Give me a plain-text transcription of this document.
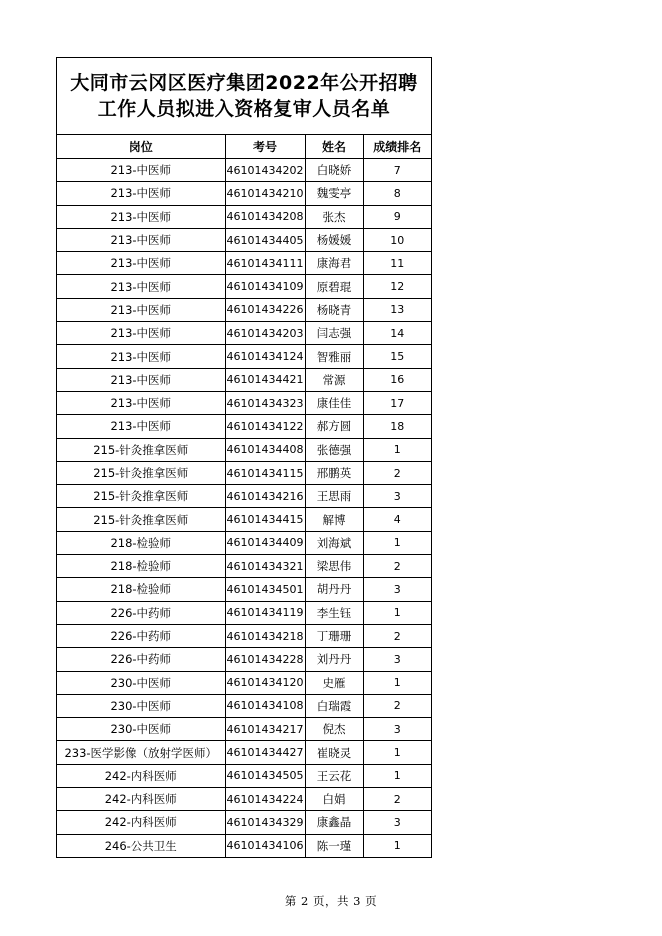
大同市云冈区医疗集团2022年公开招聘工作人员拟进入资格复审人员名单
岗位	考号	姓名	成绩排名
213-中医师	46101434202	白晓娇	7
213-中医师	46101434210	魏雯亭	8
213-中医师	46101434208	张杰	9
213-中医师	46101434405	杨媛媛	10
213-中医师	46101434111	康海君	11
213-中医师	46101434109	原碧琨	12
213-中医师	46101434226	杨晓青	13
213-中医师	46101434203	闫志强	14
213-中医师	46101434124	智雅丽	15
213-中医师	46101434421	常源	16
213-中医师	46101434323	康佳佳	17
213-中医师	46101434122	郝方圆	18
215-针灸推拿医师	46101434408	张德强	1
215-针灸推拿医师	46101434115	邢鹏英	2
215-针灸推拿医师	46101434216	王思雨	3
215-针灸推拿医师	46101434415	解博	4
218-检验师	46101434409	刘海斌	1
218-检验师	46101434321	梁思伟	2
218-检验师	46101434501	胡丹丹	3
226-中药师	46101434119	李生钰	1
226-中药师	46101434218	丁珊珊	2
226-中药师	46101434228	刘丹丹	3
230-中医师	46101434120	史雁	1
230-中医师	46101434108	白瑞霞	2
230-中医师	46101434217	倪杰	3
233-医学影像（放射学医师）	46101434427	崔晓灵	1
242-内科医师	46101434505	王云花	1
242-内科医师	46101434224	白娟	2
242-内科医师	46101434329	康鑫晶	3
246-公共卫生	46101434106	陈一瑾	1
第 2 页，共 3 页
